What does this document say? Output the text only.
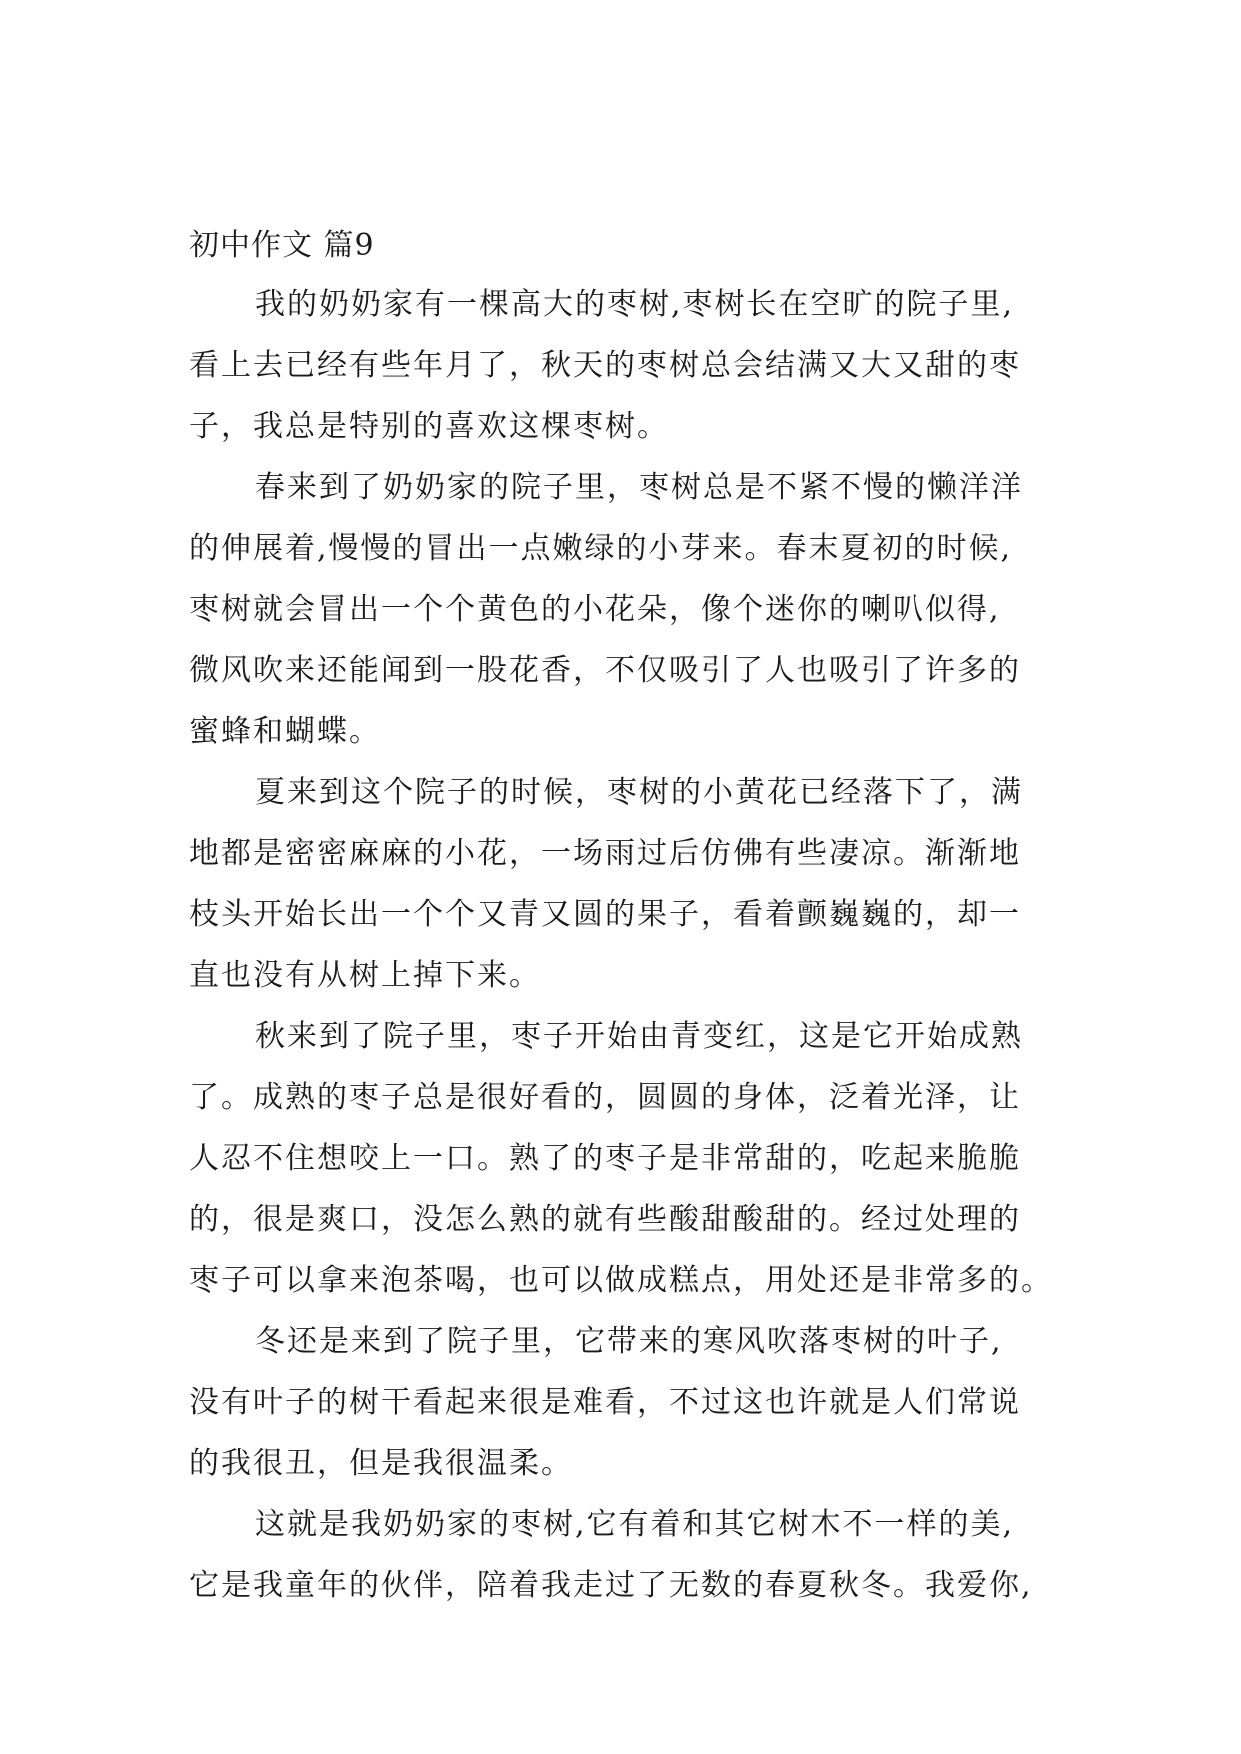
初中作文 篇9

我的奶奶家有一棵高大的枣树,枣树长在空旷的院子里,
看上去已经有些年月了，秋天的枣树总会结满又大又甜的枣
子，我总是特别的喜欢这棵枣树。

春来到了奶奶家的院子里，枣树总是不紧不慢的懒洋洋
的伸展着,慢慢的冒出一点嫩绿的小芽来。春末夏初的时候,
枣树就会冒出一个个黄色的小花朵，像个迷你的喇叭似得,
微风吹来还能闻到一股花香，不仅吸引了人也吸引了许多的
蜜蜂和蝴蝶。

夏来到这个院子的时候，枣树的小黄花已经落下了，满
地都是密密麻麻的小花，一场雨过后仿佛有些凄凉。渐渐地
枝头开始长出一个个又青又圆的果子，看着颤巍巍的，却一
直也没有从树上掉下来。

秋来到了院子里，枣子开始由青变红，这是它开始成熟
了。成熟的枣子总是很好看的，圆圆的身体，泛着光泽，让
人忍不住想咬上一口。熟了的枣子是非常甜的，吃起来脆脆
的，很是爽口，没怎么熟的就有些酸甜酸甜的。经过处理的
枣子可以拿来泡茶喝，也可以做成糕点，用处还是非常多的。

冬还是来到了院子里，它带来的寒风吹落枣树的叶子,
没有叶子的树干看起来很是难看，不过这也许就是人们常说
的我很丑，但是我很温柔。

这就是我奶奶家的枣树,它有着和其它树木不一样的美,
它是我童年的伙伴，陪着我走过了无数的春夏秋冬。我爱你,
